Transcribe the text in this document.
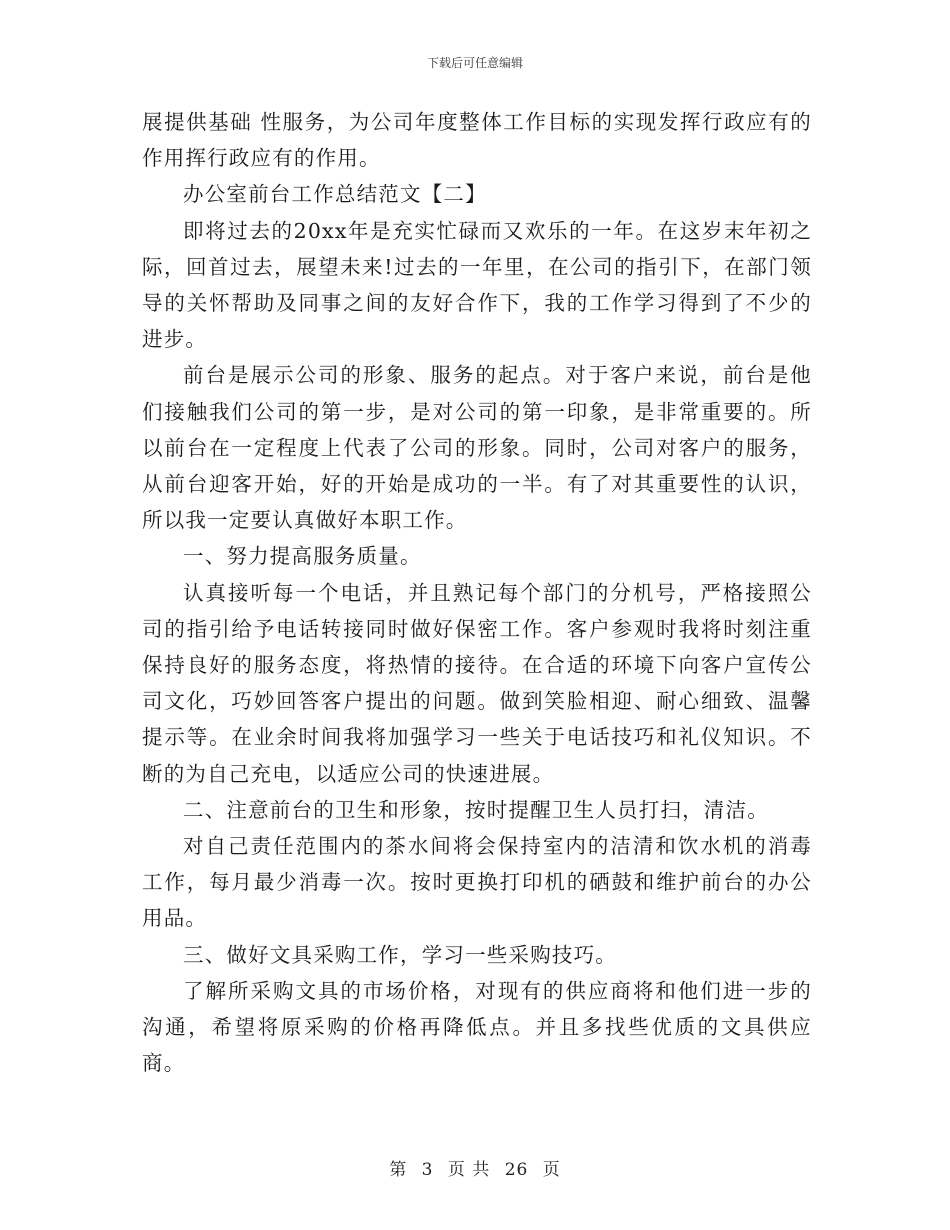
下载后可任意编辑

展提供基础 性服务，为公司年度整体工作目标的实现发挥行政应有的作用挥行政应有的作用。

办公室前台工作总结范文【二】

即将过去的20xx年是充实忙碌而又欢乐的一年。在这岁末年初之际，回首过去，展望未来!过去的一年里，在公司的指引下，在部门领导的关怀帮助及同事之间的友好合作下，我的工作学习得到了不少的进步。

前台是展示公司的形象、服务的起点。对于客户来说，前台是他们接触我们公司的第一步，是对公司的第一印象，是非常重要的。所以前台在一定程度上代表了公司的形象。同时，公司对客户的服务，从前台迎客开始，好的开始是成功的一半。有了对其重要性的认识，所以我一定要认真做好本职工作。

一、努力提高服务质量。

认真接听每一个电话，并且熟记每个部门的分机号，严格接照公司的指引给予电话转接同时做好保密工作。客户参观时我将时刻注重保持良好的服务态度，将热情的接待。在合适的环境下向客户宣传公司文化，巧妙回答客户提出的问题。做到笑脸相迎、耐心细致、温馨提示等。在业余时间我将加强学习一些关于电话技巧和礼仪知识。不断的为自己充电，以适应公司的快速进展。

二、注意前台的卫生和形象，按时提醒卫生人员打扫，清洁。

对自己责任范围内的茶水间将会保持室内的洁清和饮水机的消毒工作，每月最少消毒一次。按时更换打印机的硒鼓和维护前台的办公用品。

三、做好文具采购工作，学习一些采购技巧。

了解所采购文具的市场价格，对现有的供应商将和他们进一步的沟通，希望将原采购的价格再降低点。并且多找些优质的文具供应商。

第 3 页 共 26 页
